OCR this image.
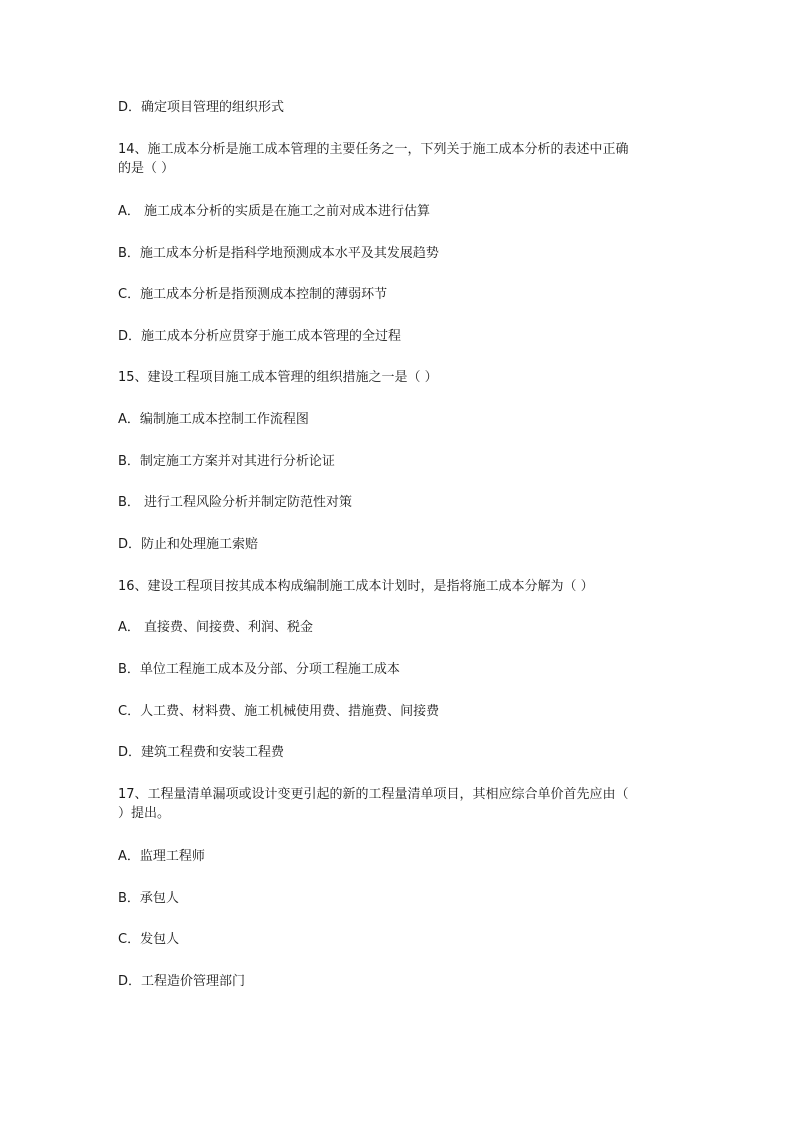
D．确定项目管理的组织形式
14、施工成本分析是施工成本管理的主要任务之一，下列关于施工成本分析的表述中正确
的是（ ）
A． 施工成本分析的实质是在施工之前对成本进行估算
B．施工成本分析是指科学地预测成本水平及其发展趋势
C．施工成本分析是指预测成本控制的薄弱环节
D．施工成本分析应贯穿于施工成本管理的全过程
15、建设工程项目施工成本管理的组织措施之一是（ ）
A．编制施工成本控制工作流程图
B．制定施工方案并对其进行分析论证
B． 进行工程风险分析并制定防范性对策
D．防止和处理施工索赔
16、建设工程项目按其成本构成编制施工成本计划时，是指将施工成本分解为（ ）
A． 直接费、间接费、利润、税金
B．单位工程施工成本及分部、分项工程施工成本
C．人工费、材料费、施工机械使用费、措施费、间接费
D．建筑工程费和安装工程费
17、工程量清单漏项或设计变更引起的新的工程量清单项目，其相应综合单价首先应由（
）提出。
A．监理工程师
B．承包人
C．发包人
D．工程造价管理部门
